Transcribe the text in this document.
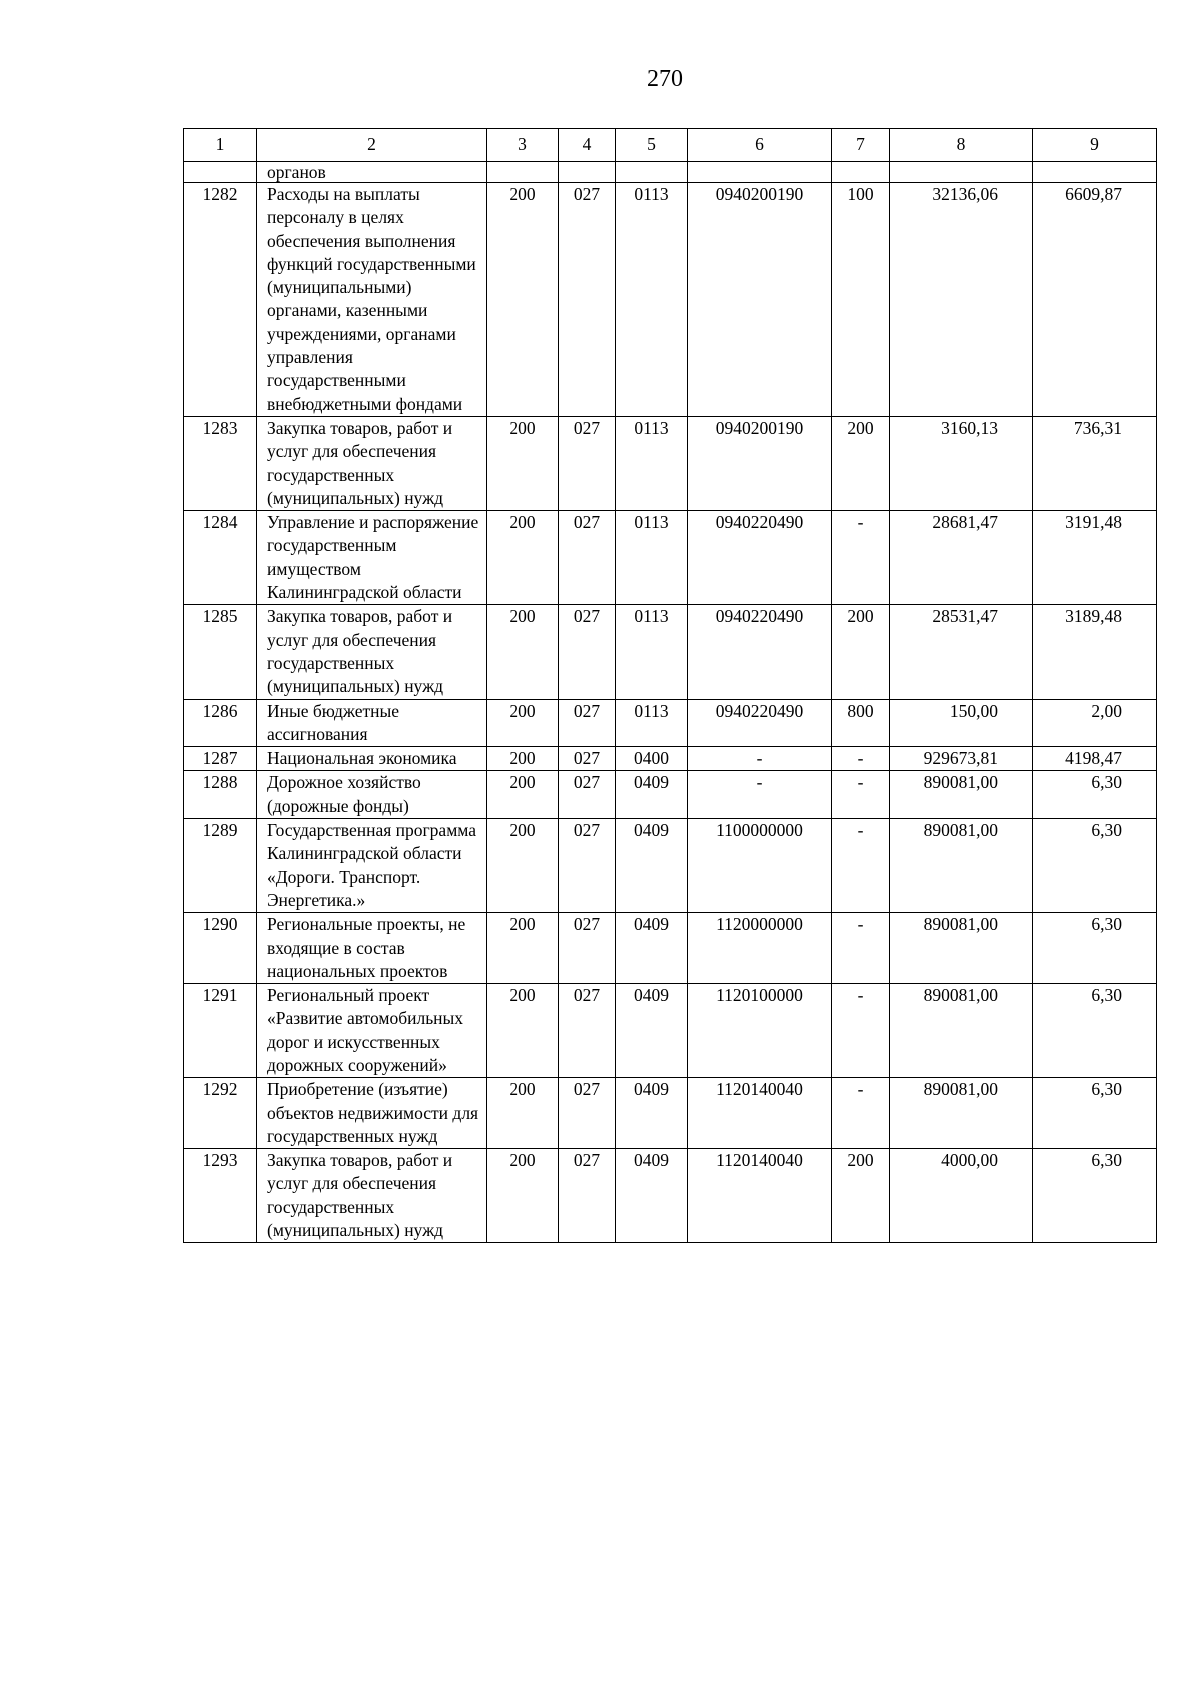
270
1	2	3	4	5	6	7	8	9
	органов							
1282	Расходы на выплаты персоналу в целях обеспечения выполнения функций государственными (муниципальными) органами, казенными учреждениями, органами управления государственными внебюджетными фондами	200	027	0113	0940200190	100	32136,06	6609,87
1283	Закупка товаров, работ и услуг для обеспечения государственных (муниципальных) нужд	200	027	0113	0940200190	200	3160,13	736,31
1284	Управление и распоряжение государственным имуществом Калининградской области	200	027	0113	0940220490	-	28681,47	3191,48
1285	Закупка товаров, работ и услуг для обеспечения государственных (муниципальных) нужд	200	027	0113	0940220490	200	28531,47	3189,48
1286	Иные бюджетные ассигнования	200	027	0113	0940220490	800	150,00	2,00
1287	Национальная экономика	200	027	0400	-	-	929673,81	4198,47
1288	Дорожное хозяйство (дорожные фонды)	200	027	0409	-	-	890081,00	6,30
1289	Государственная программа Калининградской области «Дороги. Транспорт. Энергетика.»	200	027	0409	1100000000	-	890081,00	6,30
1290	Региональные проекты, не входящие в состав национальных проектов	200	027	0409	1120000000	-	890081,00	6,30
1291	Региональный проект «Развитие автомобильных дорог и искусственных дорожных сооружений»	200	027	0409	1120100000	-	890081,00	6,30
1292	Приобретение (изъятие) объектов недвижимости для государственных нужд	200	027	0409	1120140040	-	890081,00	6,30
1293	Закупка товаров, работ и услуг для обеспечения государственных (муниципальных) нужд	200	027	0409	1120140040	200	4000,00	6,30
